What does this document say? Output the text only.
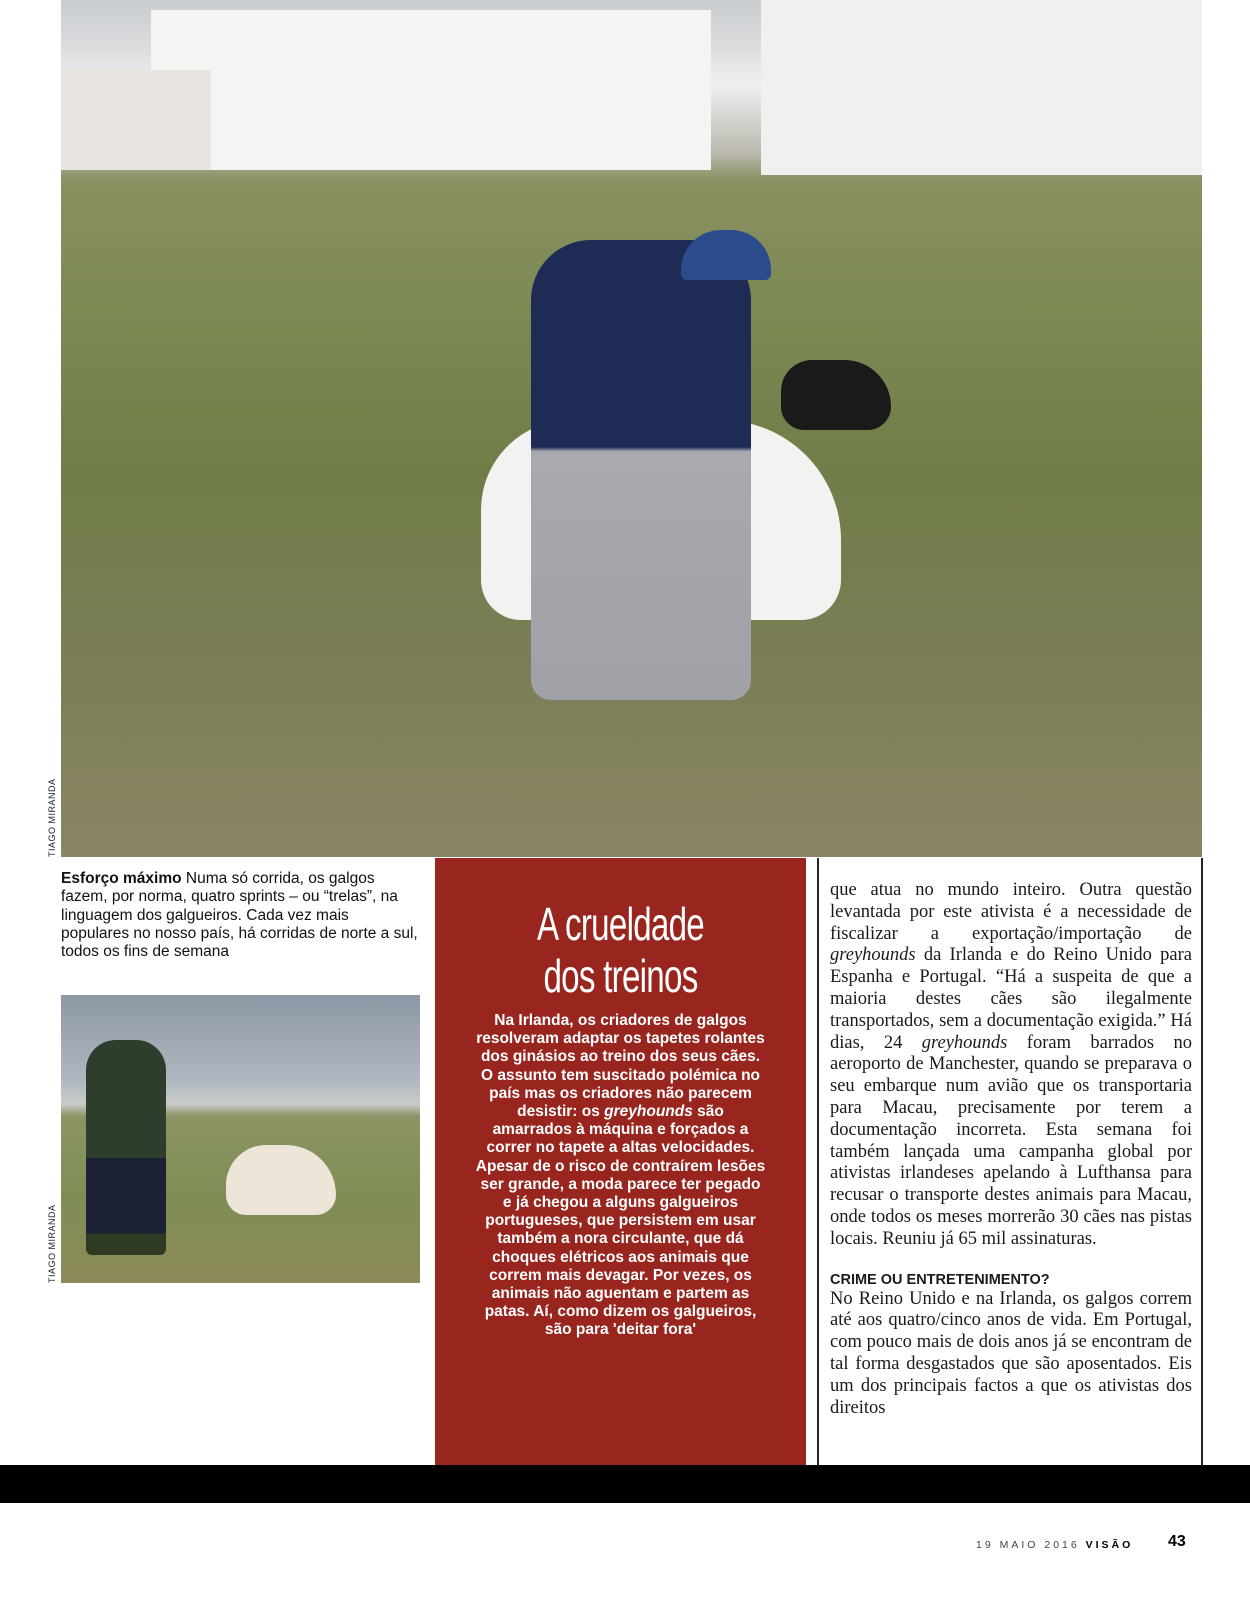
TIAGO MIRANDA
Esforço máximo Numa só corrida, os galgos fazem, por norma, quatro sprints – ou “trelas”, na linguagem dos galgueiros. Cada vez mais populares no nosso país, há corridas de norte a sul, todos os fins de semana
TIAGO MIRANDA
A crueldade
dos treinos
Na Irlanda, os criadores de galgos resolveram adaptar os tapetes rolantes dos ginásios ao treino dos seus cães. O assunto tem suscitado polémica no país mas os criadores não parecem desistir: os greyhounds são amarrados à máquina e forçados a correr no tapete a altas velocidades. Apesar de o risco de contraírem lesões ser grande, a moda parece ter pegado e já chegou a alguns galgueiros portugueses, que persistem em usar também a nora circulante, que dá choques elétricos aos animais que correm mais devagar. Por vezes, os animais não aguentam e partem as patas. Aí, como dizem os galgueiros, são para 'deitar fora'

que atua no mundo inteiro. Outra questão levantada por este ativista é a necessidade de fiscalizar a exportação/importação de greyhounds da Irlanda e do Reino Unido para Espanha e Portugal. “Há a suspeita de que a maioria destes cães são ilegalmente transportados, sem a documentação exigida.” Há dias, 24 greyhounds foram barrados no aeroporto de Manchester, quando se preparava o seu embarque num avião que os transportaria para Macau, precisamente por terem a documentação incorreta. Esta semana foi também lançada uma campanha global por ativistas irlandeses apelando à Lufthansa para recusar o transporte destes animais para Macau, onde todos os meses morrerão 30 cães nas pistas locais. Reuniu já 65 mil assinaturas.

CRIME OU ENTRETENIMENTO?

No Reino Unido e na Irlanda, os galgos correm até aos quatro/cinco anos de vida. Em Portugal, com pouco mais de dois anos já se encontram de tal forma desgastados que são aposentados. Eis um dos principais factos a que os ativistas dos direitos

19 MAIO 2016 VISÃO 43
